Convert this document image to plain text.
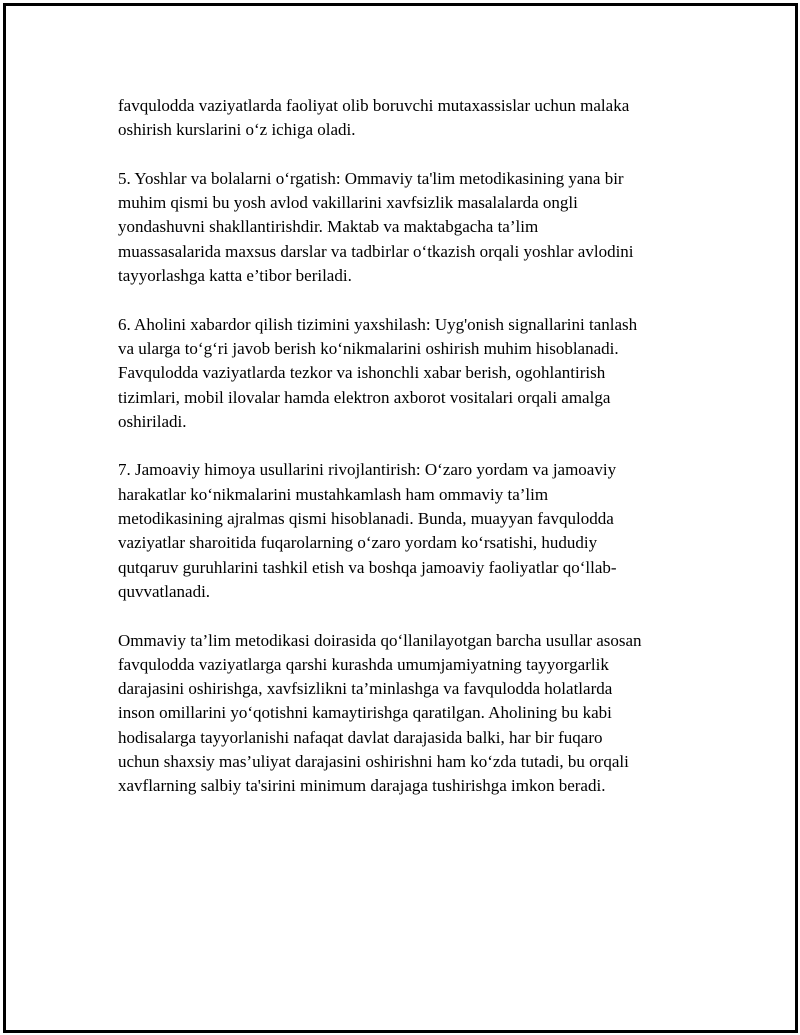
favqulodda vaziyatlarda faoliyat olib boruvchi mutaxassislar uchun malaka
oshirish kurslarini o‘z ichiga oladi.

5. Yoshlar va bolalarni o‘rgatish: Ommaviy ta'lim metodikasining yana bir
muhim qismi bu yosh avlod vakillarini xavfsizlik masalalarda ongli
yondashuvni shakllantirishdir. Maktab va maktabgacha ta’lim
muassasalarida maxsus darslar va tadbirlar o‘tkazish orqali yoshlar avlodini
tayyorlashga katta e’tibor beriladi.

6. Aholini xabardor qilish tizimini yaxshilash: Uyg'onish signallarini tanlash
va ularga to‘g‘ri javob berish ko‘nikmalarini oshirish muhim hisoblanadi.
Favqulodda vaziyatlarda tezkor va ishonchli xabar berish, ogohlantirish
tizimlari, mobil ilovalar hamda elektron axborot vositalari orqali amalga
oshiriladi.

7. Jamoaviy himoya usullarini rivojlantirish: O‘zaro yordam va jamoaviy
harakatlar ko‘nikmalarini mustahkamlash ham ommaviy ta’lim
metodikasining ajralmas qismi hisoblanadi. Bunda, muayyan favqulodda
vaziyatlar sharoitida fuqarolarning o‘zaro yordam ko‘rsatishi, hududiy
qutqaruv guruhlarini tashkil etish va boshqa jamoaviy faoliyatlar qo‘llab-
quvvatlanadi.

Ommaviy ta’lim metodikasi doirasida qo‘llanilayotgan barcha usullar asosan
favqulodda vaziyatlarga qarshi kurashda umumjamiyatning tayyorgarlik
darajasini oshirishga, xavfsizlikni ta’minlashga va favqulodda holatlarda
inson omillarini yo‘qotishni kamaytirishga qaratilgan. Aholining bu kabi
hodisalarga tayyorlanishi nafaqat davlat darajasida balki, har bir fuqaro
uchun shaxsiy mas’uliyat darajasini oshirishni ham ko‘zda tutadi, bu orqali
xavflarning salbiy ta'sirini minimum darajaga tushirishga imkon beradi.
